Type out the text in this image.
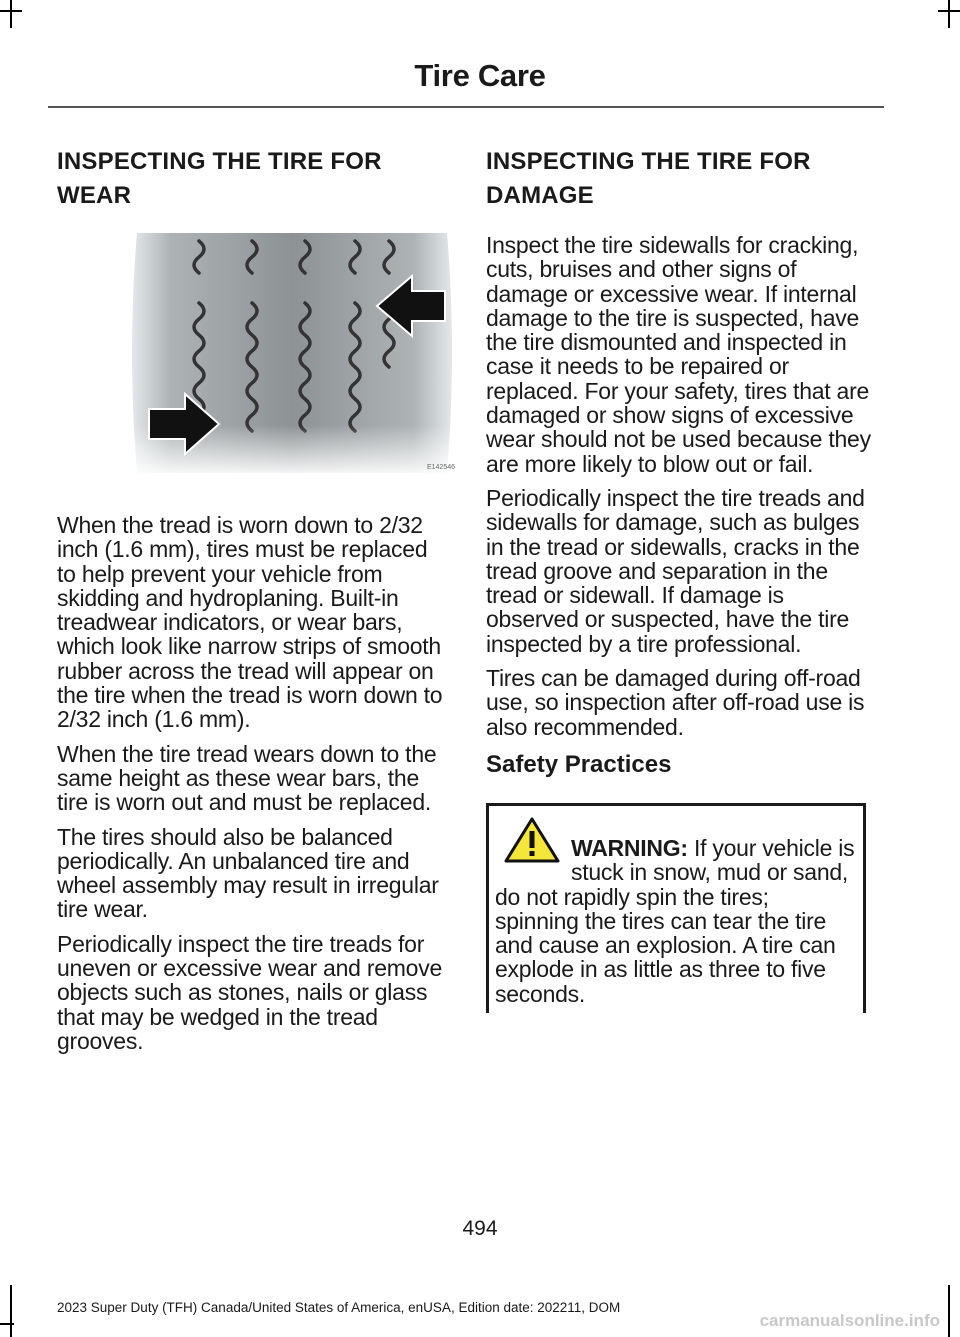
Tire Care
INSPECTING THE TIRE FOR WEAR
E142546

When the tread is worn down to 2/32 inch (1.6 mm), tires must be replaced to help prevent your vehicle from skidding and hydroplaning. Built-in treadwear indicators, or wear bars, which look like narrow strips of smooth rubber across the tread will appear on the tire when the tread is worn down to 2/32 inch (1.6 mm).

When the tire tread wears down to the same height as these wear bars, the tire is worn out and must be replaced.

The tires should also be balanced periodically. An unbalanced tire and wheel assembly may result in irregular tire wear.

Periodically inspect the tire treads for uneven or excessive wear and remove objects such as stones, nails or glass that may be wedged in the tread grooves.

INSPECTING THE TIRE FOR DAMAGE

Inspect the tire sidewalls for cracking, cuts, bruises and other signs of damage or excessive wear. If internal damage to the tire is suspected, have the tire dismounted and inspected in case it needs to be repaired or replaced. For your safety, tires that are damaged or show signs of excessive wear should not be used because they are more likely to blow out or fail.

Periodically inspect the tire treads and sidewalls for damage, such as bulges in the tread or sidewalls, cracks in the tread groove and separation in the tread or sidewall. If damage is observed or suspected, have the tire inspected by a tire professional.

Tires can be damaged during off-road use, so inspection after off-road use is also recommended.

Safety Practices

WARNING: If your vehicle is stuck in snow, mud or sand, do not rapidly spin the tires; spinning the tires can tear the tire and cause an explosion. A tire can explode in as little as three to five seconds.

494
2023 Super Duty (TFH) Canada/United States of America, enUSA, Edition date: 202211, DOM
carmanualsonline.info
